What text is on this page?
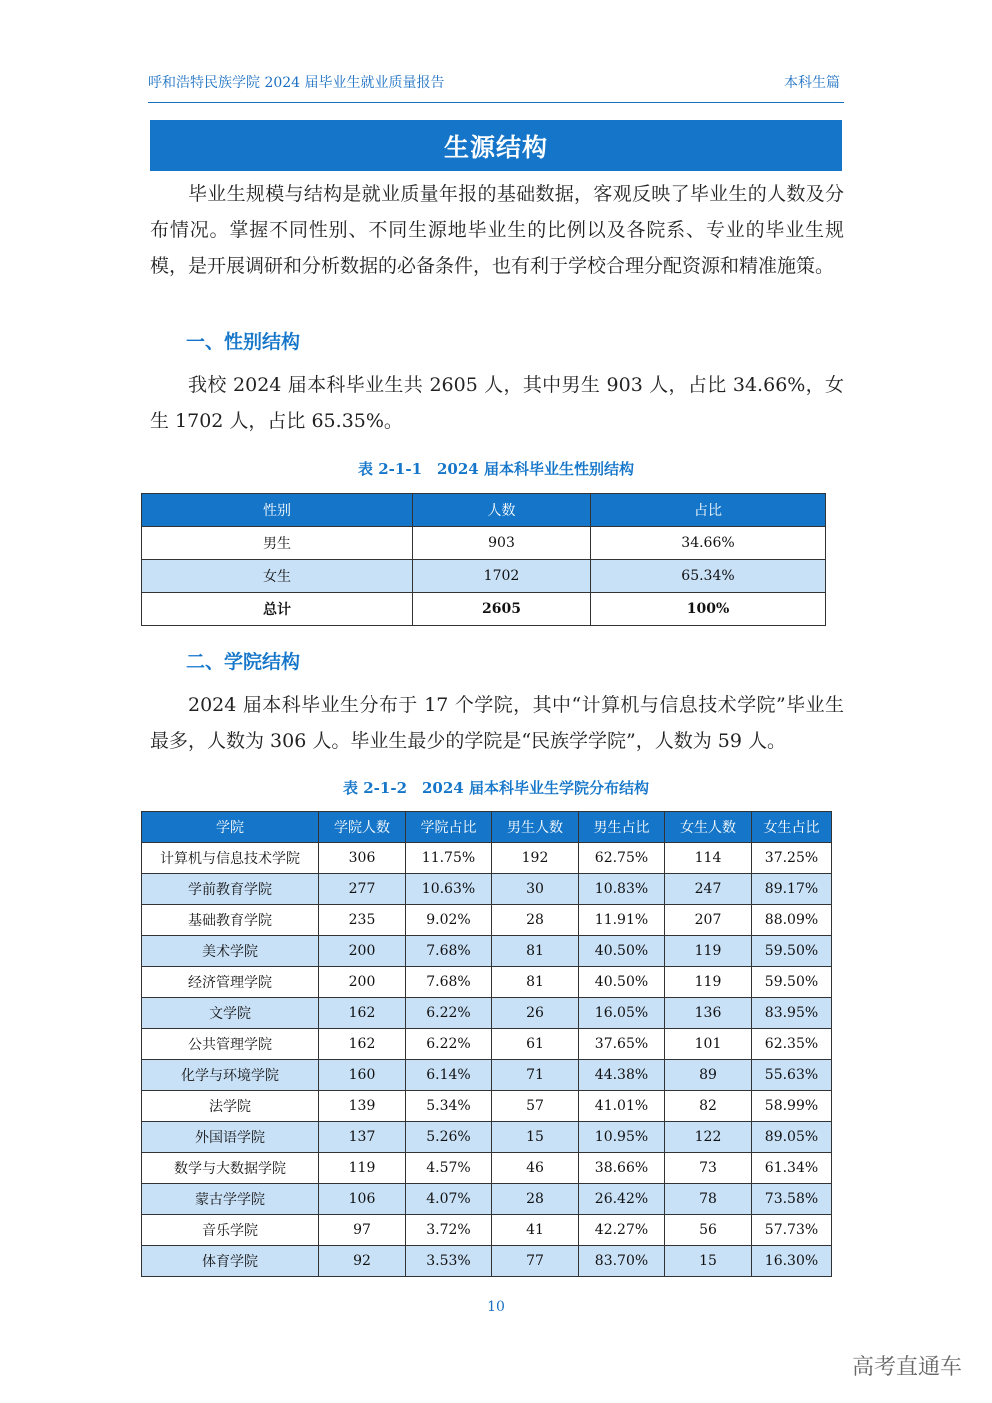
呼和浩特民族学院 2024 届毕业生就业质量报告	本科生篇
生源结构

毕业生规模与结构是就业质量年报的基础数据，客观反映了毕业生的人数及分布情况。掌握不同性别、不同生源地毕业生的比例以及各院系、专业的毕业生规模，是开展调研和分析数据的必备条件，也有利于学校合理分配资源和精准施策。

一、性别结构

我校 2024 届本科毕业生共 2605 人，其中男生 903 人，占比 34.66%，女生 1702 人，占比 65.35%。

表 2-1-1　2024 届本科毕业生性别结构
性别	人数	占比
男生	903	34.66%
女生	1702	65.34%
总计	2605	100%
二、学院结构

2024 届本科毕业生分布于 17 个学院，其中“计算机与信息技术学院”毕业生最多，人数为 306 人。毕业生最少的学院是“民族学学院”，人数为 59 人。

表 2-1-2　2024 届本科毕业生学院分布结构
学院	学院人数	学院占比	男生人数	男生占比	女生人数	女生占比
计算机与信息技术学院	306	11.75%	192	62.75%	114	37.25%
学前教育学院	277	10.63%	30	10.83%	247	89.17%
基础教育学院	235	9.02%	28	11.91%	207	88.09%
美术学院	200	7.68%	81	40.50%	119	59.50%
经济管理学院	200	7.68%	81	40.50%	119	59.50%
文学院	162	6.22%	26	16.05%	136	83.95%
公共管理学院	162	6.22%	61	37.65%	101	62.35%
化学与环境学院	160	6.14%	71	44.38%	89	55.63%
法学院	139	5.34%	57	41.01%	82	58.99%
外国语学院	137	5.26%	15	10.95%	122	89.05%
数学与大数据学院	119	4.57%	46	38.66%	73	61.34%
蒙古学学院	106	4.07%	28	26.42%	78	73.58%
音乐学院	97	3.72%	41	42.27%	56	57.73%
体育学院	92	3.53%	77	83.70%	15	16.30%
10
高考直通车
